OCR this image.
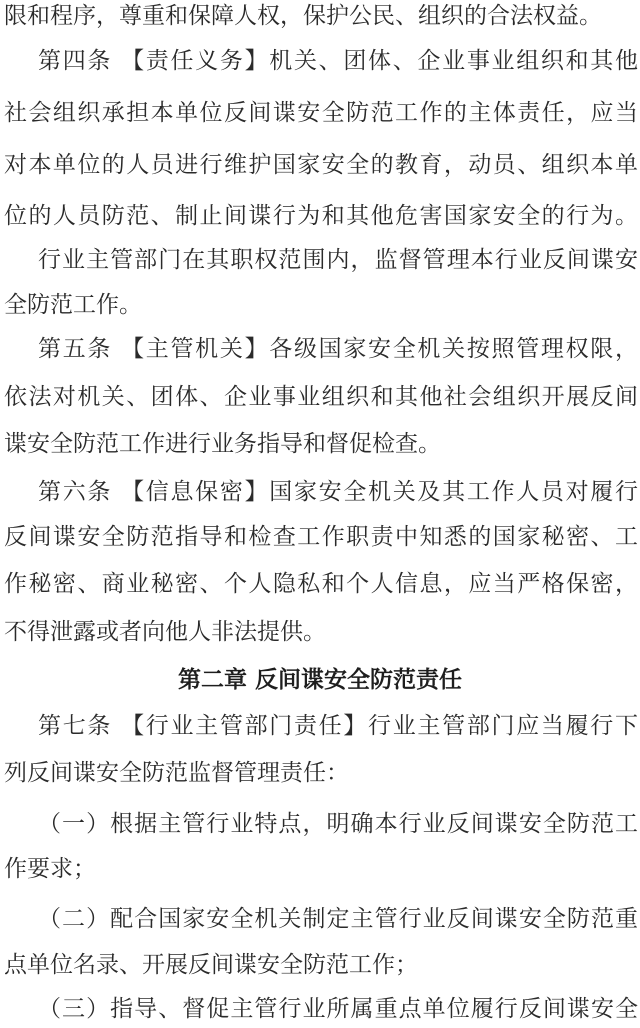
限和程序，尊重和保障人权，保护公民、组织的合法权益。
第四条 【责任义务】机关、团体、企业事业组织和其他
社会组织承担本单位反间谍安全防范工作的主体责任，应当
对本单位的人员进行维护国家安全的教育，动员、组织本单
位的人员防范、制止间谍行为和其他危害国家安全的行为。
行业主管部门在其职权范围内，监督管理本行业反间谍安
全防范工作。
第五条 【主管机关】各级国家安全机关按照管理权限，
依法对机关、团体、企业事业组织和其他社会组织开展反间
谍安全防范工作进行业务指导和督促检查。
第六条 【信息保密】国家安全机关及其工作人员对履行
反间谍安全防范指导和检查工作职责中知悉的国家秘密、工
作秘密、商业秘密、个人隐私和个人信息，应当严格保密，
不得泄露或者向他人非法提供。
第二章 反间谍安全防范责任
第七条 【行业主管部门责任】行业主管部门应当履行下
列反间谍安全防范监督管理责任：
（一）根据主管行业特点，明确本行业反间谍安全防范工
作要求；
（二）配合国家安全机关制定主管行业反间谍安全防范重
点单位名录、开展反间谍安全防范工作；
（三）指导、督促主管行业所属重点单位履行反间谍安全
